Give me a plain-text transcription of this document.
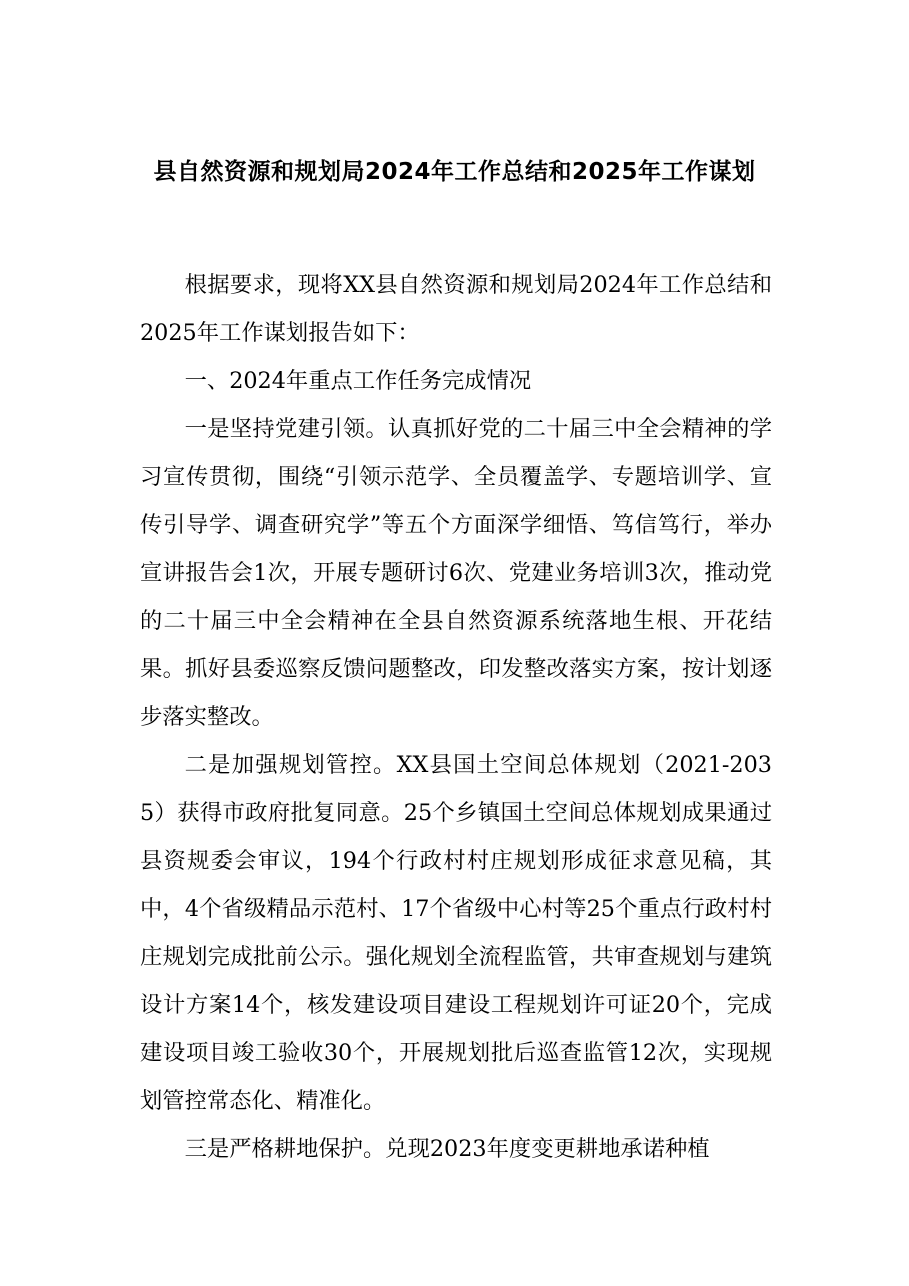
县自然资源和规划局2024年工作总结和2025年工作谋划

根据要求，现将XX县自然资源和规划局2024年工作总结和2025年工作谋划报告如下：

一、2024年重点工作任务完成情况

一是坚持党建引领。认真抓好党的二十届三中全会精神的学习宣传贯彻，围绕“引领示范学、全员覆盖学、专题培训学、宣传引导学、调查研究学”等五个方面深学细悟、笃信笃行，举办宣讲报告会1次，开展专题研讨6次、党建业务培训3次，推动党的二十届三中全会精神在全县自然资源系统落地生根、开花结果。抓好县委巡察反馈问题整改，印发整改落实方案，按计划逐步落实整改。

二是加强规划管控。XX县国土空间总体规划（2021-2035）获得市政府批复同意。25个乡镇国土空间总体规划成果通过县资规委会审议，194个行政村村庄规划形成征求意见稿，其中，4个省级精品示范村、17个省级中心村等25个重点行政村村庄规划完成批前公示。强化规划全流程监管，共审查规划与建筑设计方案14个，核发建设项目建设工程规划许可证20个，完成建设项目竣工验收30个，开展规划批后巡查监管12次，实现规划管控常态化、精准化。

三是严格耕地保护。兑现2023年度变更耕地承诺种植
